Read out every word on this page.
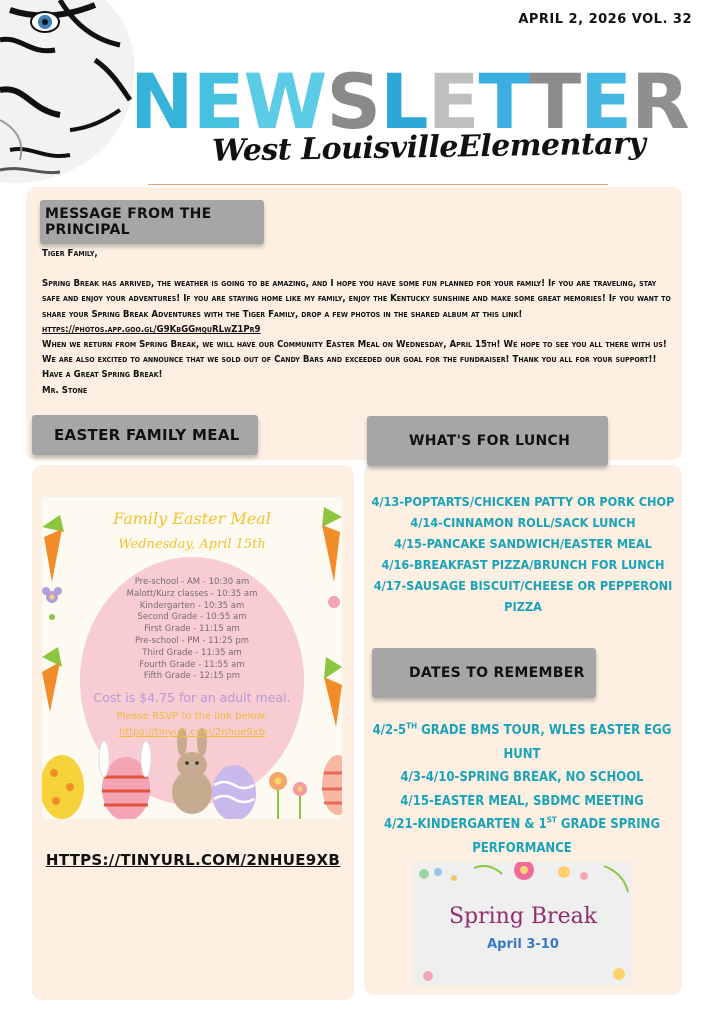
APRIL 2, 2026 VOL. 32
NEWSLETTER
West LouisvilleElementary
MESSAGE FROM THE PRINCIPAL

Tiger Family,

Spring Break has arrived, the weather is going to be amazing, and I hope you have some fun planned for your family! If you are traveling, stay safe and enjoy your adventures! If you are staying home like my family, enjoy the Kentucky sunshine and make some great memories! If you want to share your Spring Break Adventures with the Tiger Family, drop a few photos in the shared album at this link! https://photos.app.goo.gl/G9KbGGmquRLwZ1Pr9

When we return from Spring Break, we will have our Community Easter Meal on Wednesday, April 15th! We hope to see you all there with us! We are also excited to announce that we sold out of Candy Bars and exceeded our goal for the fundraiser! Thank you all for your support!!

Have a Great Spring Break!

Mr. Stone

EASTER FAMILY MEAL
Family Easter Meal
Wednesday, April 15th
Pre-school - AM - 10:30 am
Malott/Kurz classes - 10:35 am
Kindergarten - 10:35 am
Second Grade - 10:55 am
First Grade - 11:15 am
Pre-school - PM - 11:25 pm
Third Grade - 11:35 am
Fourth Grade - 11:55 am
Fifth Grade - 12:15 pm
Cost is $4.75 for an adult meal.
Please RSVP to the link below:
https://tinyurl.com/2nhue9xb
HTTPS://TINYURL.COM/2NHUE9XB
WHAT'S FOR LUNCH
4/13-POPTARTS/CHICKEN PATTY OR PORK CHOP
4/14-CINNAMON ROLL/SACK LUNCH
4/15-PANCAKE SANDWICH/EASTER MEAL
4/16-BREAKFAST PIZZA/BRUNCH FOR LUNCH
4/17-SAUSAGE BISCUIT/CHEESE OR PEPPERONI PIZZA
DATES TO REMEMBER
4/2-5TH GRADE BMS TOUR, WLES EASTER EGG HUNT
4/3-4/10-SPRING BREAK, NO SCHOOL
4/15-EASTER MEAL, SBDMC MEETING
4/21-KINDERGARTEN & 1ST GRADE SPRING PERFORMANCE
Spring Break
April 3-10
